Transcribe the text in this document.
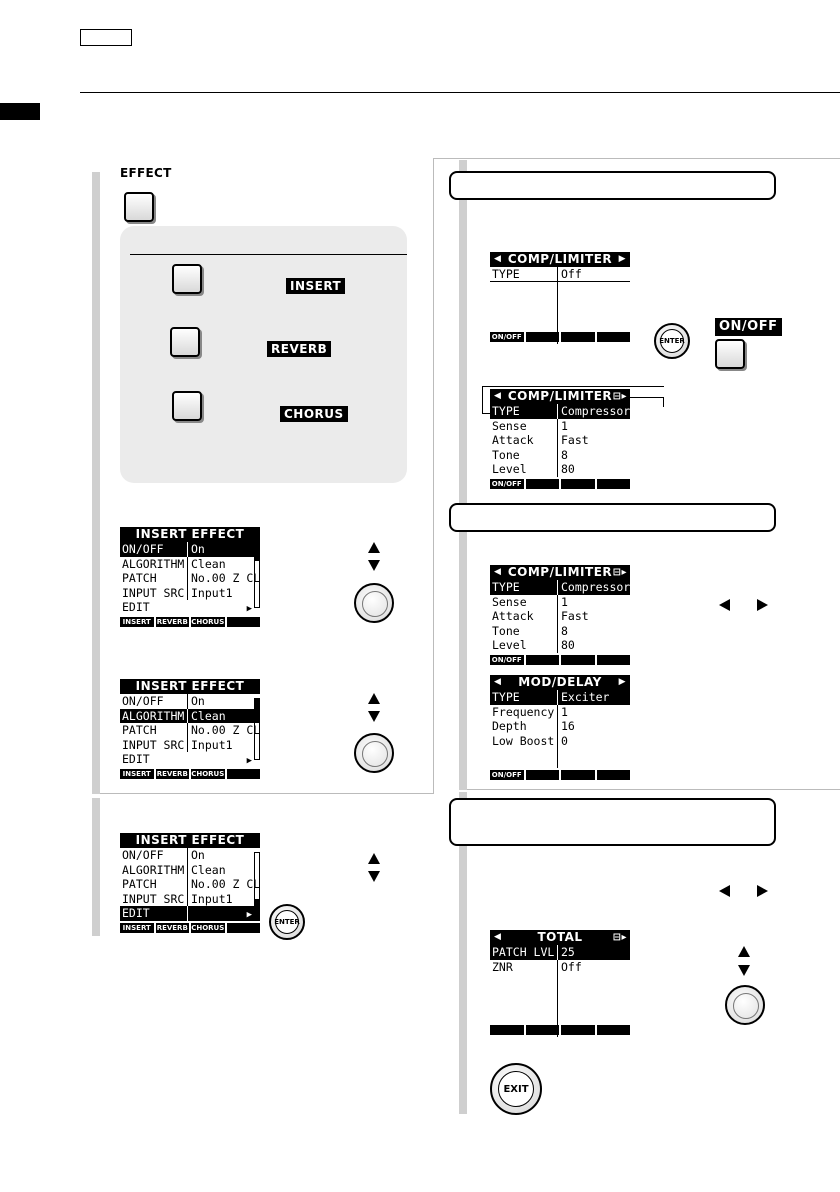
EFFECT
INSERT
REVERB
CHORUS
INSERT EFFECT
ON/OFF	On
ALGORITHM Clean
PATCH	No.00 Z CL
INPUT SRC Input1
EDIT	▶
INSERT REVERB CHORUS
INSERT EFFECT
ON/OFF	On
ALGORITHM Clean
PATCH	No.00 Z CL
INPUT SRC Input1
EDIT	▶
INSERT REVERB CHORUS
INSERT EFFECT
ON/OFF	On
ALGORITHM Clean
PATCH	No.00 Z CL
INPUT SRC Input1
EDIT	▶
INSERT REVERB CHORUS
ENTER
◀ COMP/LIMITER ▶
TYPE	Off
ON/OFF	ENTER
ON/OFF
◀ COMP/LIMITER ⊟▸
TYPE	Compressor
Sense	1
Attack	Fast
Tone	8
Level	80
ON/OFF
◀ COMP/LIMITER ⊟▸
TYPE	Compressor
Sense	1
Attack	Fast
Tone	8
Level	80
ON/OFF
◀ MOD/DELAY ▶
TYPE	Exciter
Frequency 1
Depth	16
Low Boost 0
ON/OFF
◀	TOTAL	⊟▸
PATCH LVL 25
ZNR	Off
EXIT
